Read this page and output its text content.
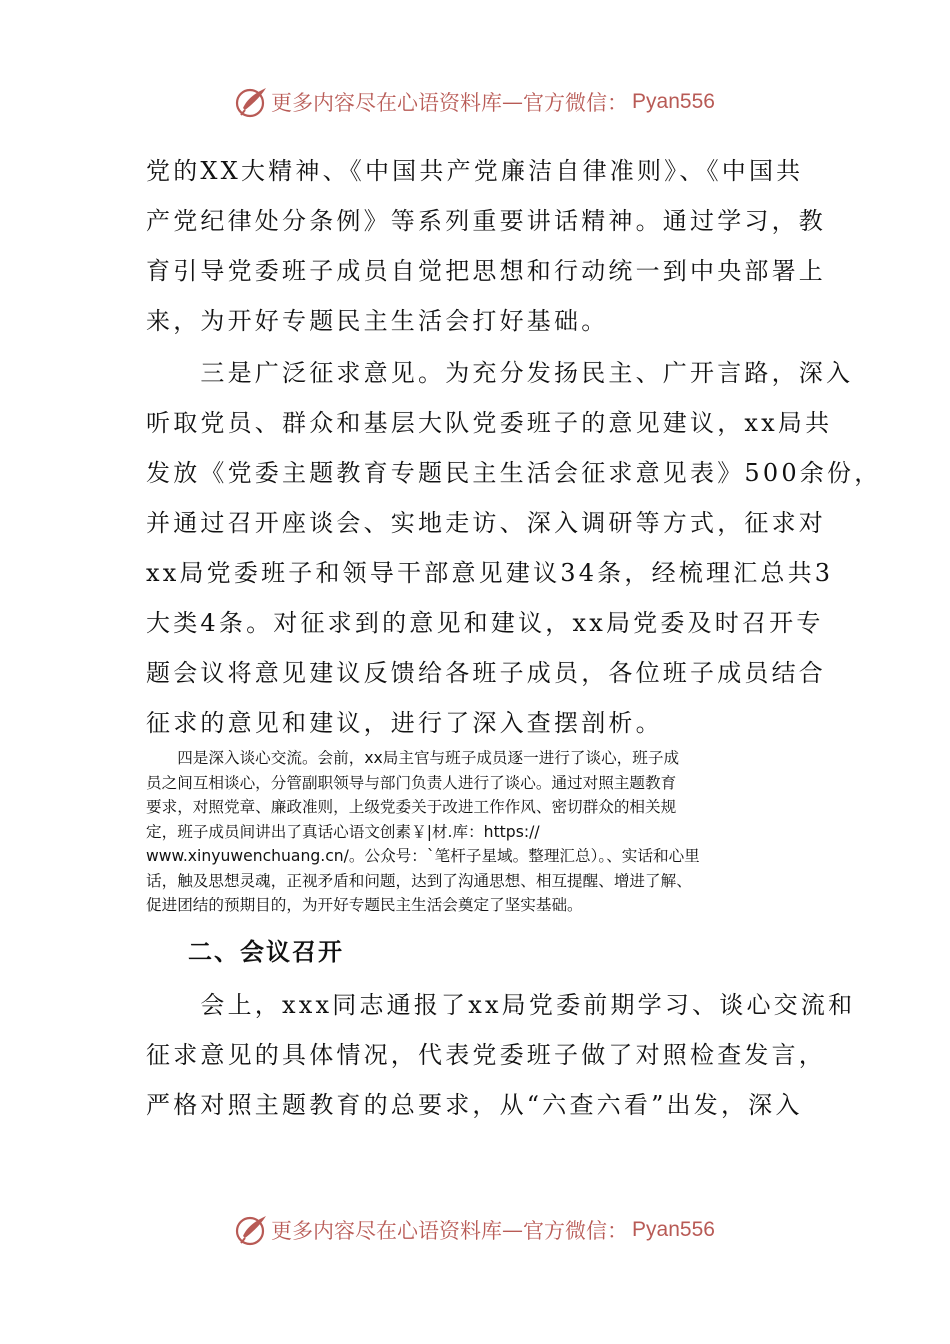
更多内容尽在心语资料库 — 官方微信： Pyan556
党的XX大精神、《中国共产党廉洁自律准则》、《中国共
产党纪律处分条例》等系列重要讲话精神。通过学习，教
育引导党委班子成员自觉把思想和行动统一到中央部署上
来，为开好专题民主生活会打好基础。
　　三是广泛征求意见。为充分发扬民主、广开言路，深入
听取党员、群众和基层大队党委班子的意见建议，xx局共
发放《党委主题教育专题民主生活会征求意见表》500余份，
并通过召开座谈会、实地走访、深入调研等方式，征求对
xx局党委班子和领导干部意见建议34条，经梳理汇总共3
大类4条。对征求到的意见和建议，xx局党委及时召开专
题会议将意见建议反馈给各班子成员，各位班子成员结合
征求的意见和建议，进行了深入查摆剖析。
　　四是深入谈心交流。会前，xx局主官与班子成员逐一进行了谈心，班子成
员之间互相谈心，分管副职领导与部门负责人进行了谈心。通过对照主题教育
要求，对照党章、廉政准则，上级党委关于改进工作作风、密切群众的相关规
定，班子成员间讲出了真话心语文创素￥|材.库：https://
www.xinyuwenchuang.cn/。公众号：`笔杆子星域。整理汇总）。、实话和心里
话，触及思想灵魂，正视矛盾和问题，达到了沟通思想、相互提醒、增进了解、
促进团结的预期目的，为开好专题民主生活会奠定了坚实基础。
二、会议召开
　　会上，xxx同志通报了xx局党委前期学习、谈心交流和
征求意见的具体情况，代表党委班子做了对照检查发言，
严格对照主题教育的总要求，从“六查六看”出发，深入
更多内容尽在心语资料库 — 官方微信： Pyan556
